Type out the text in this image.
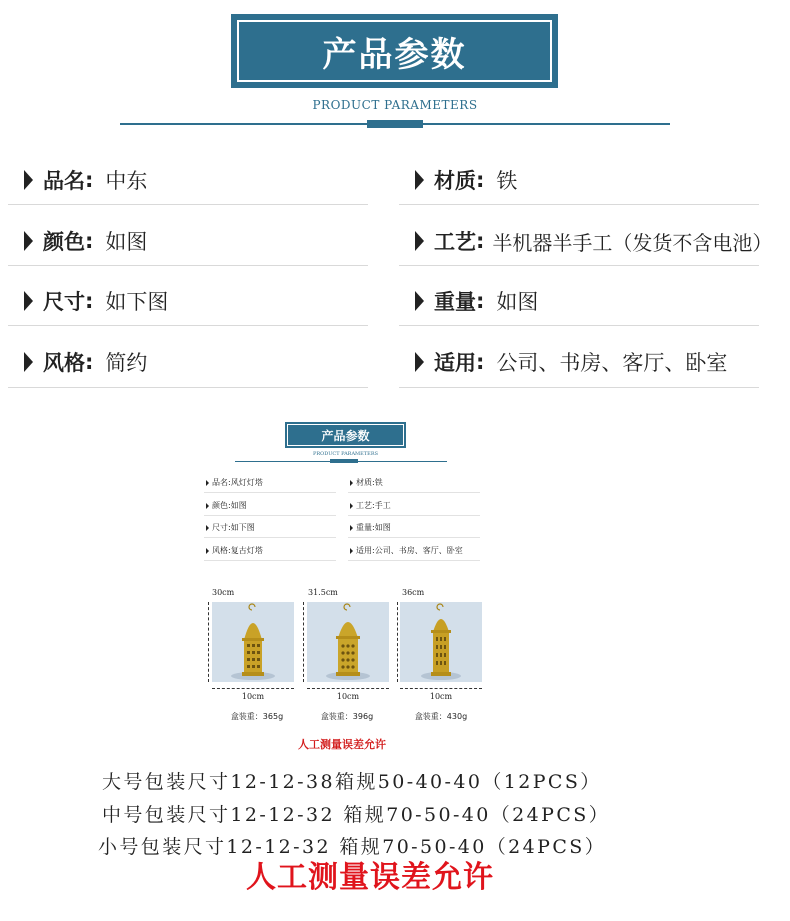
产品参数
PRODUCT PARAMETERS
品名 : 中东
颜色 : 如图
尺寸 : 如下图
风格 : 简约
材质 : 铁
工艺 : 半机器半手工（发货不含电池）
重量 : 如图
适用 : 公司、书房、客厅、卧室
产品参数
PRODUCT PARAMETERS
品名: 风灯灯塔
颜色: 如图
尺寸: 如下图
风格: 复古灯塔
材质: 铁
工艺: 手工
重量: 如图
适用: 公司、书房、客厅、卧室
30cm
10cm
盒装重：365g
31.5cm
10cm
盒装重：396g
36cm
10cm
盒装重：430g
人工测量误差允许
大号包装尺寸12-12-38箱规50-40-40（12PCS）
中号包装尺寸12-12-32 箱规70-50-40（24PCS）
小号包装尺寸12-12-32 箱规70-50-40（24PCS）
人工测量误差允许
